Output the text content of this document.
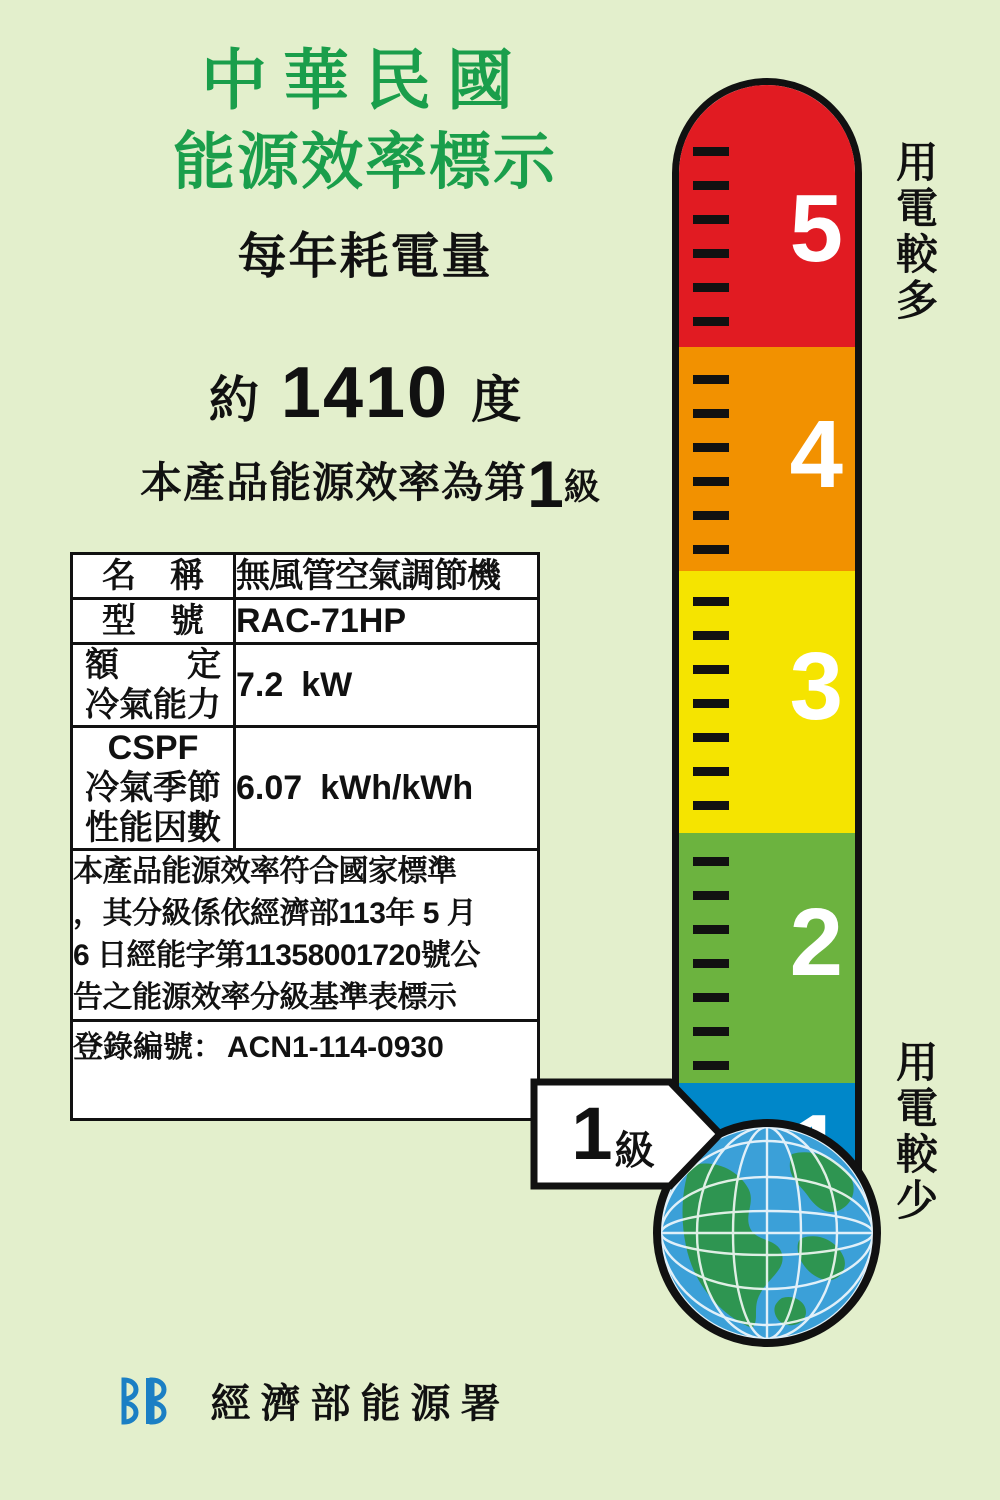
中華民國
能源效率標示
每年耗電量
約 1410 度
本產品能源效率為第1級
名　稱	無風管空氣調節機
型　號	RAC-71HP

額　　定
冷氣能力	7.2 kW

CSPF
冷氣季節
性能因數	6.07 kWh/kWh

本產品能源效率符合國家標準
，其分級係依經濟部113年 5 月
6 日經能字第11358001720號公
告之能源效率分級基準表標示	

登錄編號： ACN1-114-0930	
經濟部能源署
5
4
3
2
1 級
用
電
較
多
用
電
較
少
